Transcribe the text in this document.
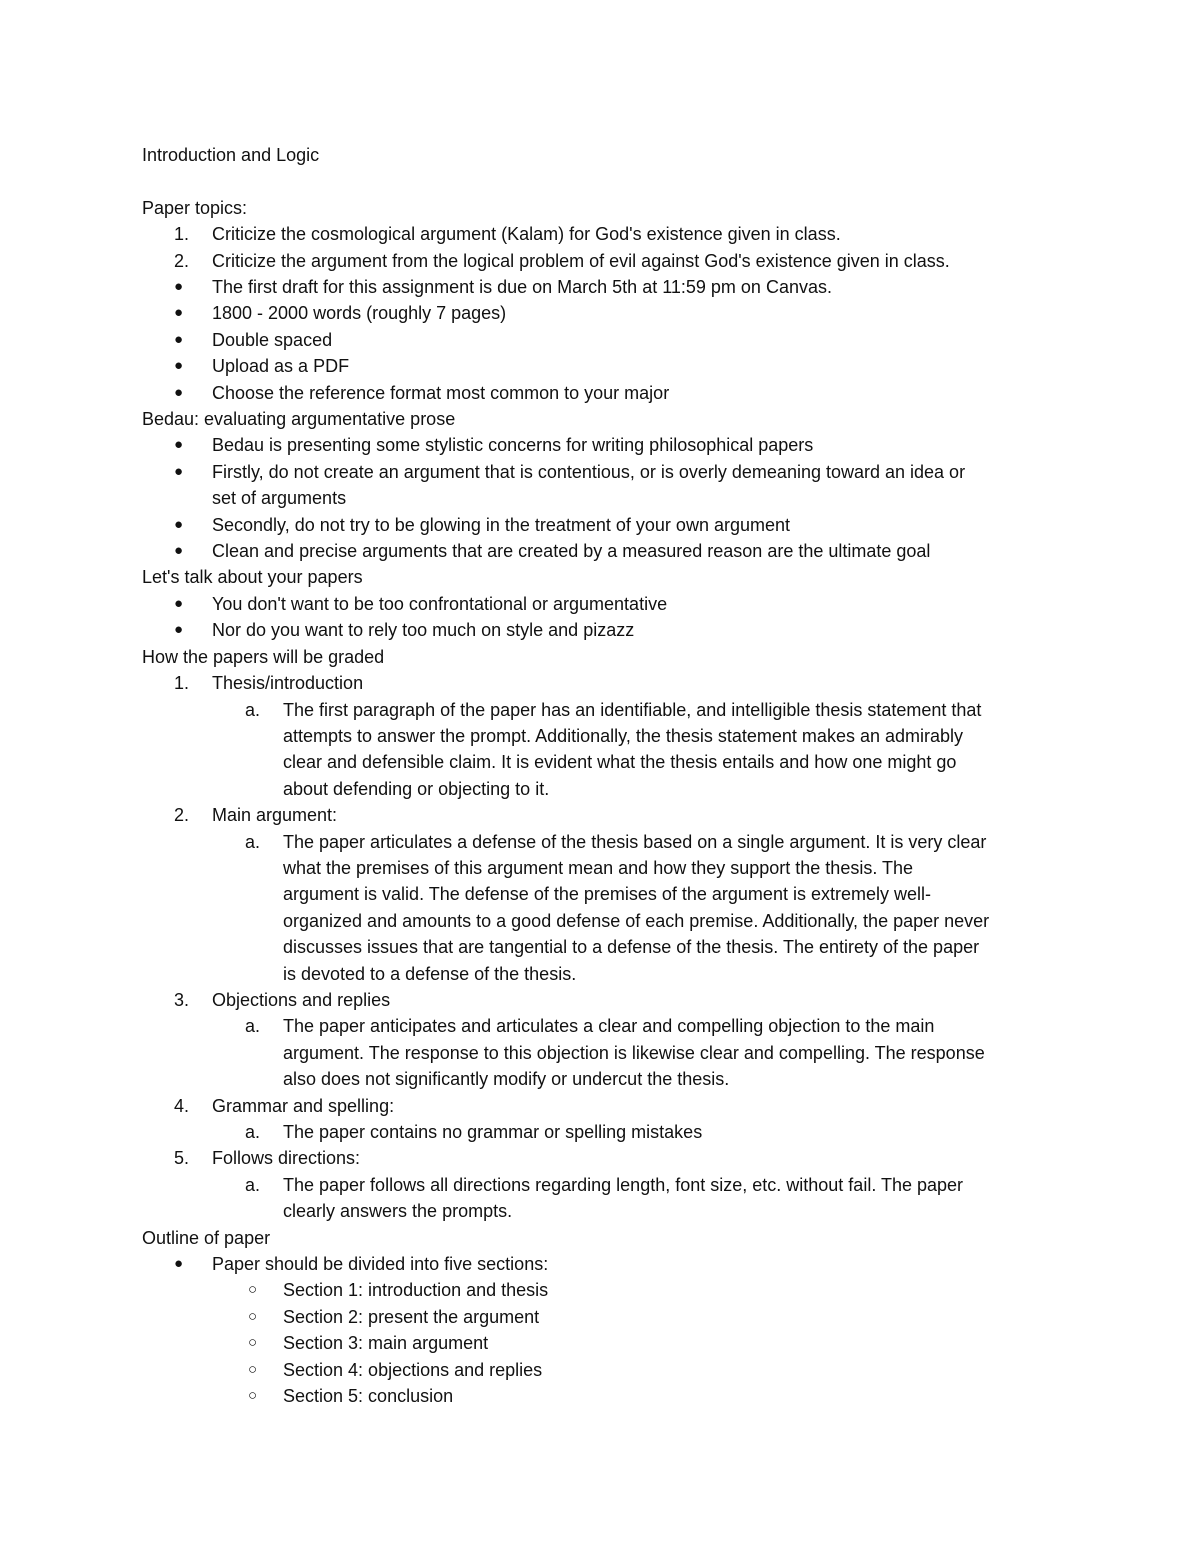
Introduction and Logic
Paper topics:
1. Criticize the cosmological argument (Kalam) for God's existence given in class.
2. Criticize the argument from the logical problem of evil against God's existence given in class.
● The first draft for this assignment is due on March 5th at 11:59 pm on Canvas.
● 1800 - 2000 words (roughly 7 pages)
● Double spaced
● Upload as a PDF
● Choose the reference format most common to your major
Bedau: evaluating argumentative prose
● Bedau is presenting some stylistic concerns for writing philosophical papers
● Firstly, do not create an argument that is contentious, or is overly demeaning toward an idea or
set of arguments
● Secondly, do not try to be glowing in the treatment of your own argument
● Clean and precise arguments that are created by a measured reason are the ultimate goal
Let's talk about your papers
● You don't want to be too confrontational or argumentative
● Nor do you want to rely too much on style and pizazz
How the papers will be graded
1. Thesis/introduction
a. The first paragraph of the paper has an identifiable, and intelligible thesis statement that
attempts to answer the prompt. Additionally, the thesis statement makes an admirably
clear and defensible claim. It is evident what the thesis entails and how one might go
about defending or objecting to it.
2. Main argument:
a. The paper articulates a defense of the thesis based on a single argument. It is very clear
what the premises of this argument mean and how they support the thesis. The
argument is valid. The defense of the premises of the argument is extremely well-
organized and amounts to a good defense of each premise. Additionally, the paper never
discusses issues that are tangential to a defense of the thesis. The entirety of the paper
is devoted to a defense of the thesis.
3. Objections and replies
a. The paper anticipates and articulates a clear and compelling objection to the main
argument. The response to this objection is likewise clear and compelling. The response
also does not significantly modify or undercut the thesis.
4. Grammar and spelling:
a. The paper contains no grammar or spelling mistakes
5. Follows directions:
a. The paper follows all directions regarding length, font size, etc. without fail. The paper
clearly answers the prompts.
Outline of paper
● Paper should be divided into five sections:
○ Section 1: introduction and thesis
○ Section 2: present the argument
○ Section 3: main argument
○ Section 4: objections and replies
○ Section 5: conclusion
